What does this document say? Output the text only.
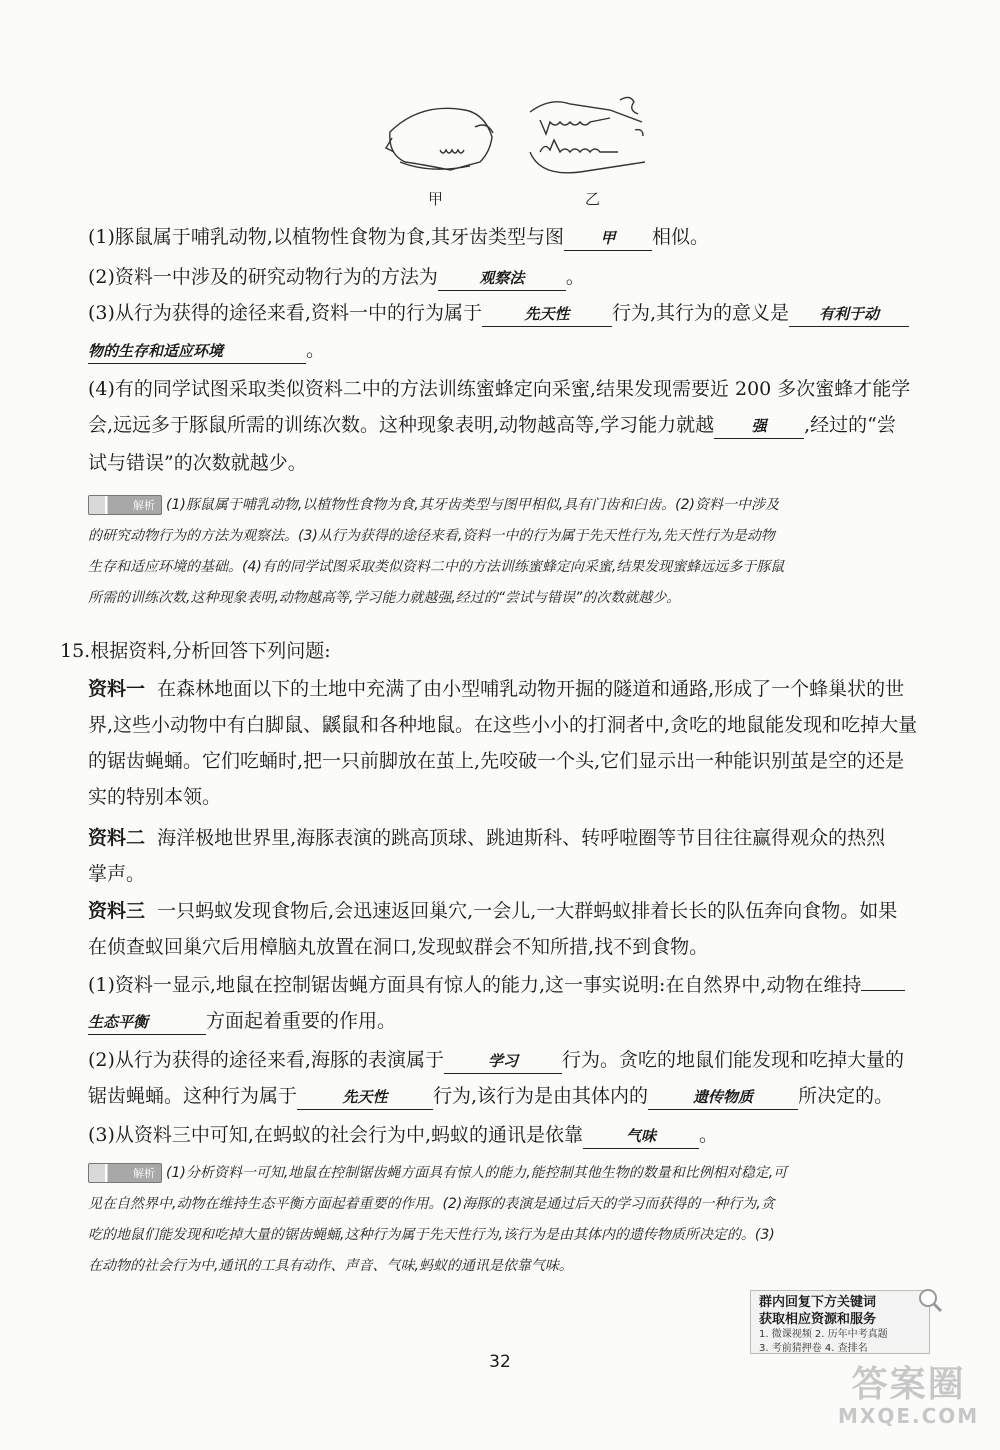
甲	乙
(1)豚鼠属于哺乳动物,以植物性食物为食,其牙齿类型与图 甲 相似。
(2)资料一中涉及的研究动物行为的方法为	观察法 。
(3)从行为获得的途径来看,资料一中的行为属于	先天性 行为,其行为的意义是 有利于动
物的生存和适应环境	。
(4)有的同学试图采取类似资料二中的方法训练蜜蜂定向采蜜,结果发现需要近 200 多次蜜蜂才能学
会,远远多于豚鼠所需的训练次数。这种现象表明,动物越高等,学习能力就越 强 ,经过的“尝
试与错误”的次数就越少。
解析 (1)豚鼠属于哺乳动物,以植物性食物为食,其牙齿类型与图甲相似,具有门齿和臼齿。(2)资料一中涉及
的研究动物行为的方法为观察法。(3)从行为获得的途径来看,资料一中的行为属于先天性行为,先天性行为是动物
生存和适应环境的基础。(4)有的同学试图采取类似资料二中的方法训练蜜蜂定向采蜜,结果发现蜜蜂远远多于豚鼠
所需的训练次数,这种现象表明,动物越高等,学习能力就越强,经过的“尝试与错误”的次数就越少。
15.根据资料,分析回答下列问题:
资料一 在森林地面以下的土地中充满了由小型哺乳动物开掘的隧道和通路,形成了一个蜂巢状的世
界,这些小动物中有白脚鼠、鼷鼠和各种地鼠。在这些小小的打洞者中,贪吃的地鼠能发现和吃掉大量
的锯齿蝇蛹。它们吃蛹时,把一只前脚放在茧上,先咬破一个头,它们显示出一种能识别茧是空的还是
实的特别本领。
资料二 海洋极地世界里,海豚表演的跳高顶球、跳迪斯科、转呼啦圈等节目往往赢得观众的热烈
掌声。
资料三 一只蚂蚁发现食物后,会迅速返回巢穴,一会儿,一大群蚂蚁排着长长的队伍奔向食物。如果
在侦查蚁回巢穴后用樟脑丸放置在洞口,发现蚁群会不知所措,找不到食物。
(1)资料一显示,地鼠在控制锯齿蝇方面具有惊人的能力,这一事实说明:在自然界中,动物在维持
生态平衡	方面起着重要的作用。
(2)从行为获得的途径来看,海豚的表演属于	学习 行为。贪吃的地鼠们能发现和吃掉大量的
锯齿蝇蛹。这种行为属于	先天性 行为,该行为是由其体内的	遗传物质 所决定的。
(3)从资料三中可知,在蚂蚁的社会行为中,蚂蚁的通讯是依靠	气味 。
解析 (1)分析资料一可知,地鼠在控制锯齿蝇方面具有惊人的能力,能控制其他生物的数量和比例相对稳定,可
见在自然界中,动物在维持生态平衡方面起着重要的作用。(2)海豚的表演是通过后天的学习而获得的一种行为,贪
吃的地鼠们能发现和吃掉大量的锯齿蝇蛹,这种行为属于先天性行为,该行为是由其体内的遗传物质所决定的。(3)
在动物的社会行为中,通讯的工具有动作、声音、气味,蚂蚁的通讯是依靠气味。
群内回复下方关键词
获取相应资源和服务
1. 微课视频 2. 历年中考真题
3. 考前猜押卷 4. 查排名
32
答案圈
MXQE.COM
